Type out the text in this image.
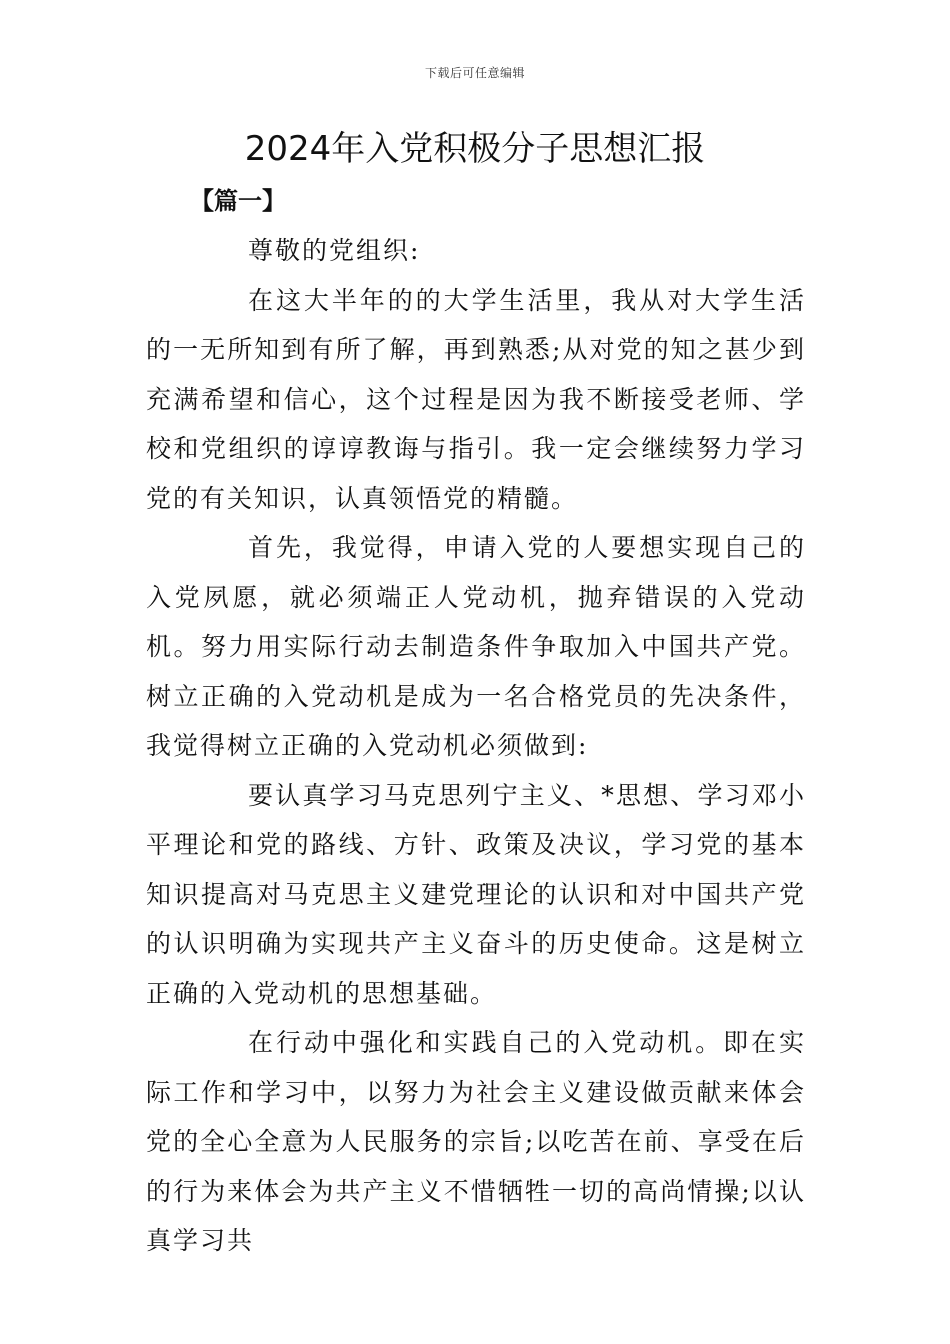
下载后可任意编辑
2024年入党积极分子思想汇报
【篇一】

尊敬的党组织:

在这大半年的的大学生活里，我从对大学生活的一无所知到有所了解，再到熟悉;从对党的知之甚少到充满希望和信心，这个过程是因为我不断接受老师、学校和党组织的谆谆教诲与指引。我一定会继续努力学习党的有关知识，认真领悟党的精髓。

首先，我觉得，申请入党的人要想实现自己的入党夙愿，就必须端正人党动机，抛弃错误的入党动机。努力用实际行动去制造条件争取加入中国共产党。树立正确的入党动机是成为一名合格党员的先决条件，我觉得树立正确的入党动机必须做到:

要认真学习马克思列宁主义、*思想、学习邓小平理论和党的路线、方针、政策及决议，学习党的基本知识提高对马克思主义建党理论的认识和对中国共产党的认识明确为实现共产主义奋斗的历史使命。这是树立正确的入党动机的思想基础。

在行动中强化和实践自己的入党动机。即在实际工作和学习中，以努力为社会主义建设做贡献来体会党的全心全意为人民服务的宗旨;以吃苦在前、享受在后的行为来体会为共产主义不惜牺牲一切的高尚情操;以认真学习共
